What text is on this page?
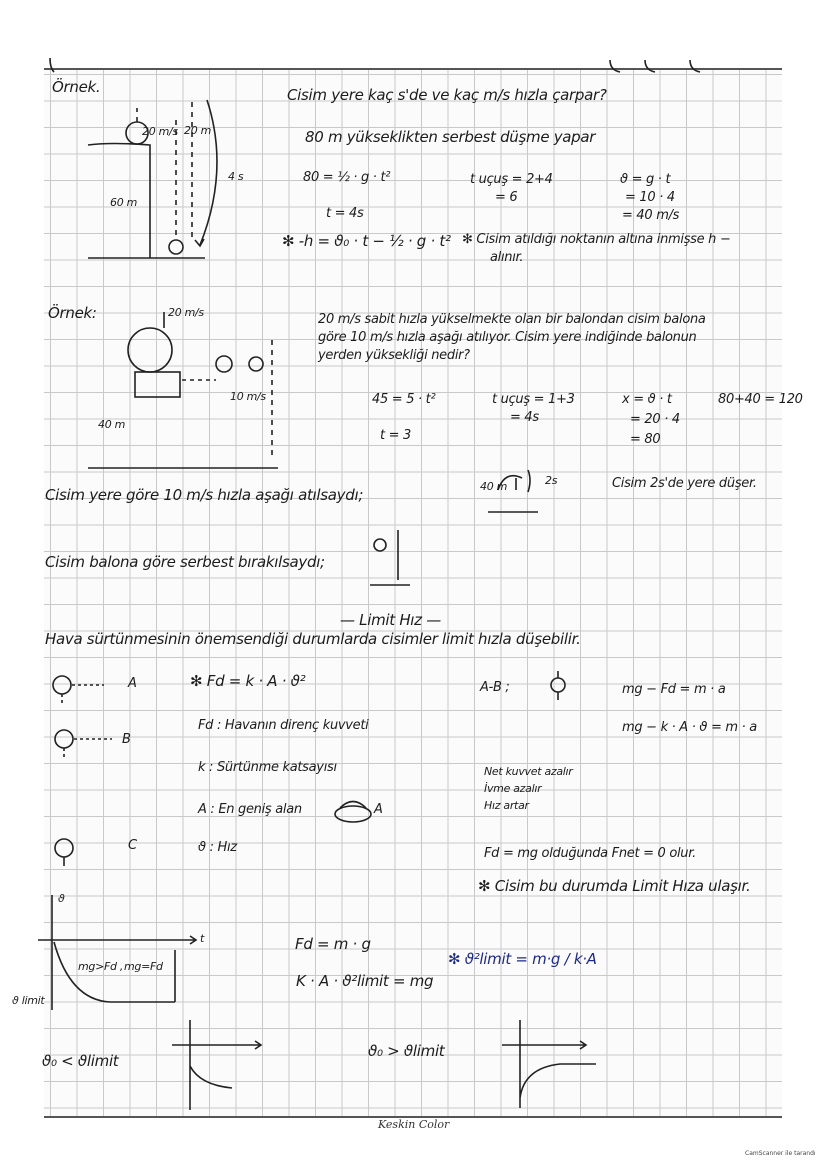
Örnek.	Cisim yere kaç s'de ve kaç m/s hızla çarpar?
80 m yükseklikten serbest düşme yapar
80 = ½ · g · t²
t = 4s
t uçuş = 2+4
= 6
ϑ = g · t
= 10 · 4
= 40 m/s
✻ -h = ϑ₀ · t − ½ · g · t² ✻ Cisim atıldığı noktanın altına inmişse h −
alınır.
20 m/s 20 m
60 m
4 s
Örnek:	20 m/s sabit hızla yükselmekte olan bir balondan cisim balona
göre 10 m/s hızla aşağı atılıyor. Cisim yere indiğinde balonun
yerden yüksekliği nedir?
45 = 5 · t²
t = 3
t uçuş = 1+3
= 4s
x = ϑ · t
= 20 · 4
= 80
80+40 = 120
20 m/s
10 m/s
40 m
40 m	2s	Cisim 2s'de yere düşer.
Cisim yere göre 10 m/s hızla aşağı atılsaydı;
Cisim balona göre serbest bırakılsaydı;
— Limit Hız —
Hava sürtünmesinin önemsendiği durumlarda cisimler limit hızla düşebilir.
A
B
C
✻ Fd = k · A · ϑ²
Fd : Havanın direnç kuvveti
k : Sürtünme katsayısı
A : En geniş alan	A
ϑ : Hız
A-B ;	mg − Fd = m · a
mg − k · A · ϑ = m · a
Net kuvvet azalır
İvme azalır
Hız artar
Fd = mg olduğunda Fnet = 0 olur.
✻ Cisim bu durumda Limit Hıza ulaşır.
ϑ
t
mg>Fd , mg=Fd
ϑ limit
Fd = m · g
K · A · ϑ²limit = mg
✻ ϑ²limit = m·g / k·A
ϑ₀ < ϑlimit
ϑ₀ > ϑlimit
Keskin Color
CamScanner ile tarandı
